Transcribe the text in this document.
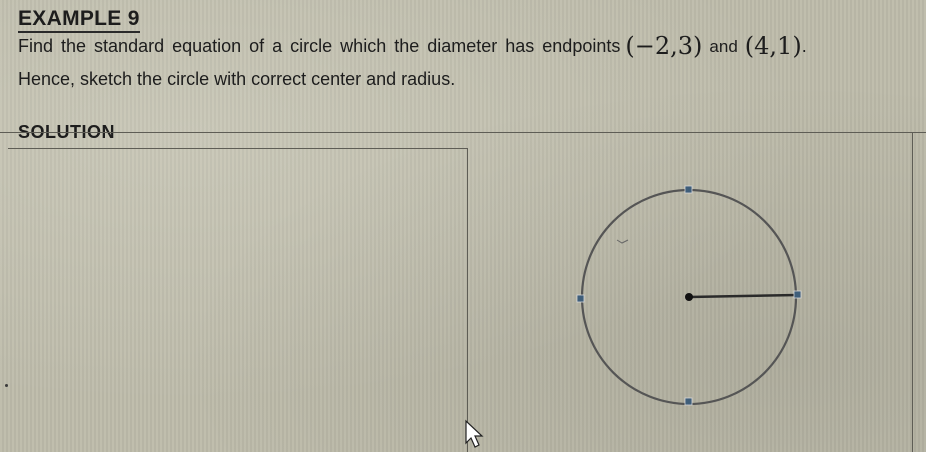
EXAMPLE 9
Find the standard equation of a circle which the diameter has endpoints (−2,3) and (4,1).
Hence, sketch the circle with correct center and radius.
SOLUTION
